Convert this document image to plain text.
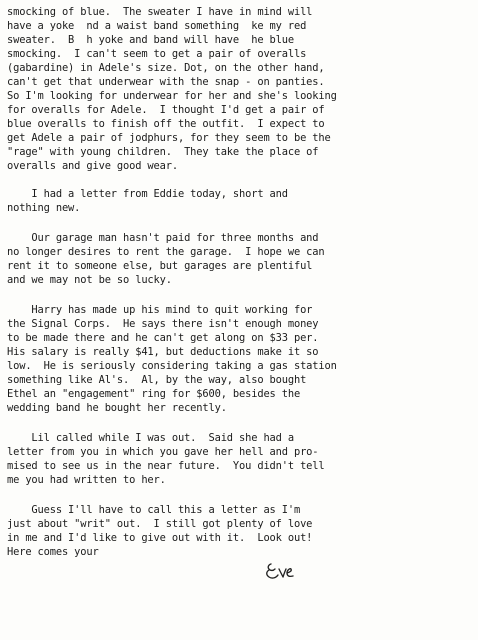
smocking of blue.  The sweater I have in mind will
have a yoke  nd a waist band something  ke my red
sweater.  B  h yoke and band will have  he blue
smocking.  I can't seem to get a pair of overalls
(gabardine) in Adele's size. Dot, on the other hand,
can't get that underwear with the snap - on panties.
So I'm looking for underwear for her and she's looking
for overalls for Adele.  I thought I'd get a pair of
blue overalls to finish off the outfit.  I expect to
get Adele a pair of jodphurs, for they seem to be the
"rage" with young children.  They take the place of
overalls and give good wear.
I had a letter from Eddie today, short and
nothing new.
Our garage man hasn't paid for three months and
no longer desires to rent the garage.  I hope we can
rent it to someone else, but garages are plentiful
and we may not be so lucky.
Harry has made up his mind to quit working for
the Signal Corps.  He says there isn't enough money
to be made there and he can't get along on $33 per.
His salary is really $41, but deductions make it so
low.  He is seriously considering taking a gas station
something like Al's.  Al, by the way, also bought
Ethel an "engagement" ring for $600, besides the
wedding band he bought her recently.
Lil called while I was out.  Said she had a
letter from you in which you gave her hell and pro-
mised to see us in the near future.  You didn't tell
me you had written to her.
Guess I'll have to call this a letter as I'm
just about "writ" out.  I still got plenty of love
in me and I'd like to give out with it.  Look out!
Here comes your
